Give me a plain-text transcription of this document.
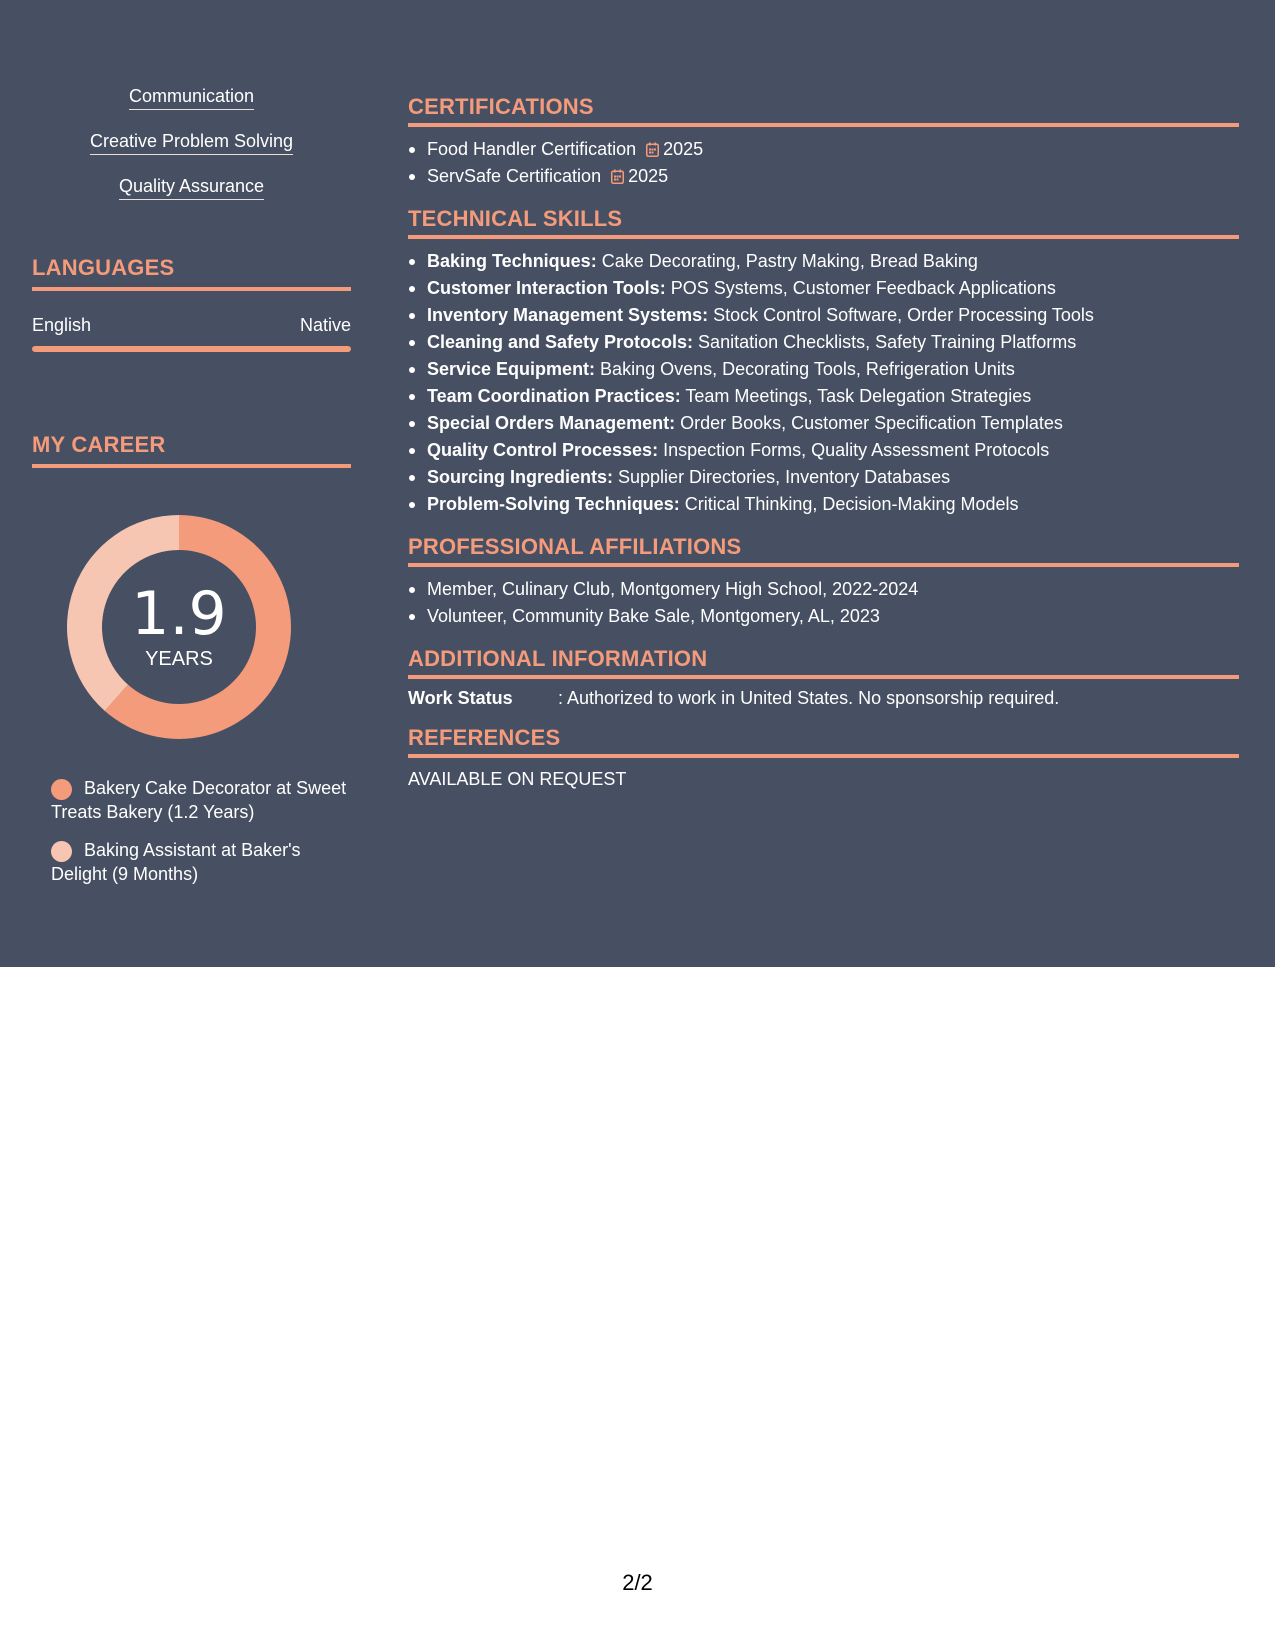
Communication
Creative Problem Solving
Quality Assurance
LANGUAGES
English	Native
MY CAREER
1.9
YEARS
Bakery Cake Decorator at Sweet Treats Bakery (1.2 Years)
Baking Assistant at Baker's Delight (9 Months)
CERTIFICATIONS
Food Handler Certification 2025
ServSafe Certification 2025
TECHNICAL SKILLS
Baking Techniques: Cake Decorating, Pastry Making, Bread Baking
Customer Interaction Tools: POS Systems, Customer Feedback Applications
Inventory Management Systems: Stock Control Software, Order Processing Tools
Cleaning and Safety Protocols: Sanitation Checklists, Safety Training Platforms
Service Equipment: Baking Ovens, Decorating Tools, Refrigeration Units
Team Coordination Practices: Team Meetings, Task Delegation Strategies
Special Orders Management: Order Books, Customer Specification Templates
Quality Control Processes: Inspection Forms, Quality Assessment Protocols
Sourcing Ingredients: Supplier Directories, Inventory Databases
Problem-Solving Techniques: Critical Thinking, Decision-Making Models
PROFESSIONAL AFFILIATIONS
Member, Culinary Club, Montgomery High School, 2022-2024
Volunteer, Community Bake Sale, Montgomery, AL, 2023
ADDITIONAL INFORMATION
Work Status	: Authorized to work in United States. No sponsorship required.
REFERENCES
AVAILABLE ON REQUEST
2/2
